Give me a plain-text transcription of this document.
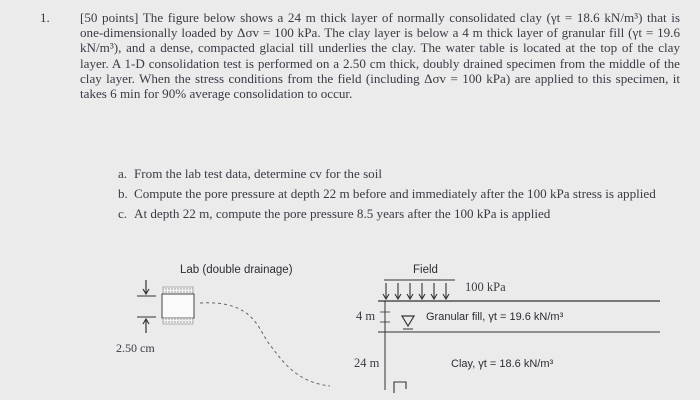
1. [50 points] The figure below shows a 24 m thick layer of normally consolidated clay (γt = 18.6 kN/m³) that is one-dimensionally loaded by Δσv = 100 kPa. The clay layer is below a 4 m thick layer of granular fill (γt = 19.6 kN/m³), and a dense, compacted glacial till underlies the clay. The water table is located at the top of the clay layer. A 1-D consolidation test is performed on a 2.50 cm thick, doubly drained specimen from the middle of the clay layer. When the stress conditions from the field (including Δσv = 100 kPa) are applied to this specimen, it takes 6 min for 90% average consolidation to occur.
a. From the lab test data, determine cv for the soil
b. Compute the pore pressure at depth 22 m before and immediately after the 100 kPa stress is applied
c. At depth 22 m, compute the pore pressure 8.5 years after the 100 kPa is applied
Lab (double drainage)
2.50 cm
Field
100 kPa
4 m	Granular fill, γt = 19.6 kN/m³
24 m	Clay, γt = 18.6 kN/m³
